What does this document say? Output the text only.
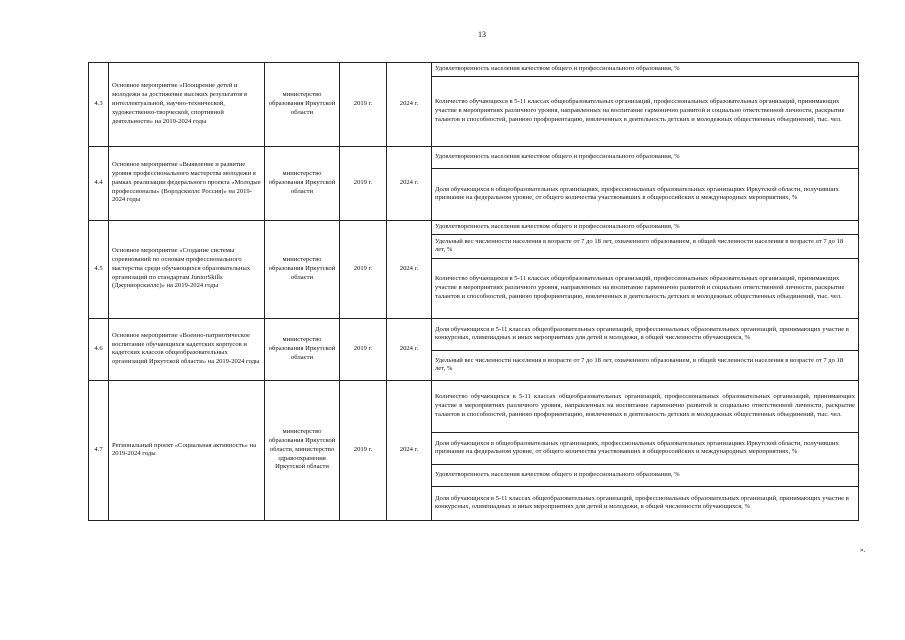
13
4.3	Основное мероприятие «Поощрение детей и молодежи за достижение высоких результатов в интеллектуальной, научно-технической, художественно-творческой, спортивной деятельности» на 2019-2024 годы	министерство образования Иркутской области	2019 г.	2024 г.	Удовлетворенность населения качеством общего и профессионального образования, %
					Количество обучающихся в 5-11 классах общеобразовательных организаций, профессиональных образовательных организаций, принимающих участие в мероприятиях различного уровня, направленных на воспитание гармонично развитой и социально ответственной личности, раскрытие талантов и способностей, раннюю профориентацию, вовлеченных в деятельность детских и молодежных общественных объединений, тыс. чел.
4.4	Основное мероприятие «Выявление и развитие уровня профессионального мастерства молодежи в рамках реализации федерального проекта «Молодые профессионалы» (Ворлдскиллс Россия)» на 2019-2024 годы	министерство образования Иркутской области	2019 г.	2024 г.	Удовлетворенность населения качеством общего и профессионального образования, %
					Доля обучающихся в общеобразовательных организациях, профессиональных образовательных организациях Иркутской области, получивших признание на федеральном уровне, от общего количества участвовавших в общероссийских и международных мероприятиях, %
4.5	Основное мероприятие «Создание системы соревнований по основам профессионального мастерства среди обучающихся образовательных организаций по стандартам JuniorSkills (Джуниорскиллс)» на 2019-2024 годы	министерство образования Иркутской области	2019 г.	2024 г.	Удовлетворенность населения качеством общего и профессионального образования, %
					Удельный вес численности населения в возрасте от 7 до 18 лет, охваченного образованием, в общей численности населения в возрасте от 7 до 18 лет, %
					Количество обучающихся в 5-11 классах общеобразовательных организаций, профессиональных образовательных организаций, принимающих участие в мероприятиях различного уровня, направленных на воспитание гармонично развитой и социально ответственной личности, раскрытие талантов и способностей, раннюю профориентацию, вовлеченных в деятельность детских и молодежных общественных объединений, тыс. чел.
4.6	Основное мероприятие «Военно-патриотическое воспитание обучающихся кадетских корпусов и кадетских классов общеобразовательных организаций Иркутской области» на 2019-2024 годы	министерство образования Иркутской области	2019 г.	2024 г.	Доля обучающихся в 5-11 классах общеобразовательных организаций, профессиональных образовательных организаций, принимающих участие в конкурсных, олимпиадных и иных мероприятиях для детей и молодежи, в общей численности обучающихся, %
					Удельный вес численности населения в возрасте от 7 до 18 лет, охваченного образованием, в общей численности населения в возрасте от 7 до 18 лет, %
4.7	Региональный проект «Социальная активность» на 2019-2024 годы	министерство образования Иркутской области, министерство здравоохранения Иркутской области	2019 г.	2024 г.	Количество обучающихся в 5-11 классах общеобразовательных организаций, профессиональных образовательных организаций, принимающих участие в мероприятиях различного уровня, направленных на воспитание гармонично развитой и социально ответственной личности, раскрытие талантов и способностей, раннюю профориентацию, вовлеченных в деятельность детских и молодежных общественных объединений, тыс. чел.
					Доля обучающихся в общеобразовательных организациях, профессиональных образовательных организациях Иркутской области, получивших признание на федеральном уровне, от общего количества участвовавших в общероссийских и международных мероприятиях, %
					Удовлетворенность населения качеством общего и профессионального образования, %
					Доля обучающихся в 5-11 классах общеобразовательных организаций, профессиональных образовательных организаций, принимающих участие в конкурсных, олимпиадных и иных мероприятиях для детей и молодежи, в общей численности обучающихся, %
».
